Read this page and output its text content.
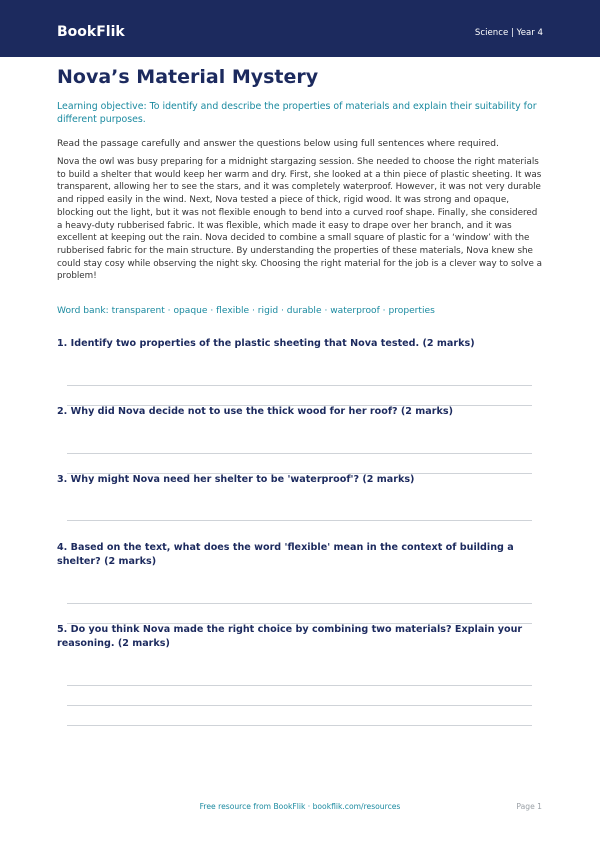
BookFlik	Science | Year 4
Nova’s Material Mystery
Learning objective: To identify and describe the properties of materials and explain their suitability for different purposes.
Read the passage carefully and answer the questions below using full sentences where required.
Nova the owl was busy preparing for a midnight stargazing session. She needed to choose the right materials to build a shelter that would keep her warm and dry. First, she looked at a thin piece of plastic sheeting. It was transparent, allowing her to see the stars, and it was completely waterproof. However, it was not very durable and ripped easily in the wind. Next, Nova tested a piece of thick, rigid wood. It was strong and opaque, blocking out the light, but it was not flexible enough to bend into a curved roof shape. Finally, she considered a heavy-duty rubberised fabric. It was flexible, which made it easy to drape over her branch, and it was excellent at keeping out the rain. Nova decided to combine a small square of plastic for a ‘window’ with the rubberised fabric for the main structure. By understanding the properties of these materials, Nova knew she could stay cosy while observing the night sky. Choosing the right material for the job is a clever way to solve a problem!
Word bank: transparent · opaque · flexible · rigid · durable · waterproof · properties
1. Identify two properties of the plastic sheeting that Nova tested. (2 marks)
2. Why did Nova decide not to use the thick wood for her roof? (2 marks)
3. Why might Nova need her shelter to be 'waterproof'? (2 marks)
4. Based on the text, what does the word 'flexible' mean in the context of building a shelter? (2 marks)
5. Do you think Nova made the right choice by combining two materials? Explain your reasoning. (2 marks)
Free resource from BookFlik · bookflik.com/resources	Page 1
